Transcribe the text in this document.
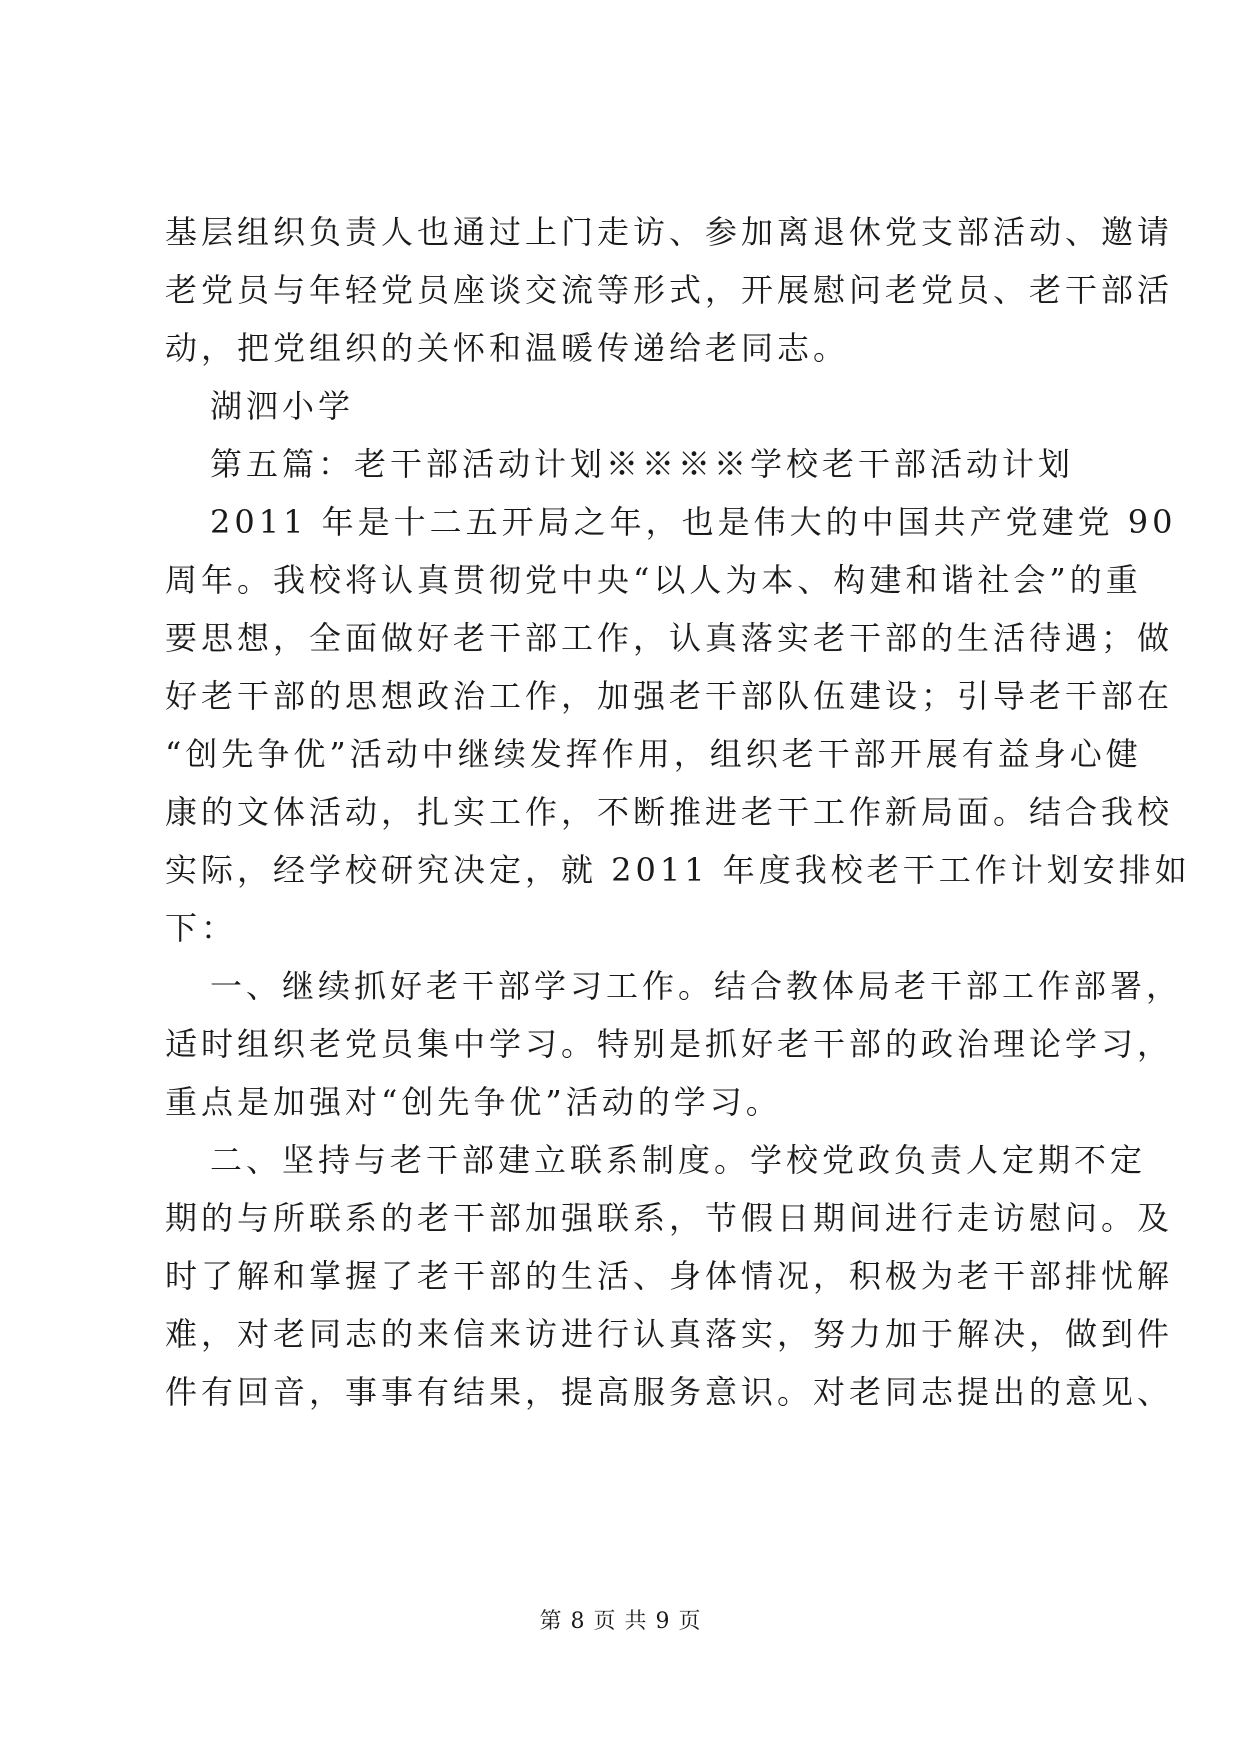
基层组织负责人也通过上门走访、参加离退休党支部活动、邀请
老党员与年轻党员座谈交流等形式，开展慰问老党员、老干部活
动，把党组织的关怀和温暖传递给老同志。
湖泗小学
第五篇：老干部活动计划※※※※学校老干部活动计划
2011 年是十二五开局之年，也是伟大的中国共产党建党 90
周年。我校将认真贯彻党中央“以人为本、构建和谐社会”的重
要思想，全面做好老干部工作，认真落实老干部的生活待遇；做
好老干部的思想政治工作，加强老干部队伍建设；引导老干部在
“创先争优”活动中继续发挥作用，组织老干部开展有益身心健
康的文体活动，扎实工作，不断推进老干工作新局面。结合我校
实际，经学校研究决定，就 2011 年度我校老干工作计划安排如
下：
一、继续抓好老干部学习工作。结合教体局老干部工作部署，
适时组织老党员集中学习。特别是抓好老干部的政治理论学习，
重点是加强对“创先争优”活动的学习。
二、坚持与老干部建立联系制度。学校党政负责人定期不定
期的与所联系的老干部加强联系，节假日期间进行走访慰问。及
时了解和掌握了老干部的生活、身体情况，积极为老干部排忧解
难，对老同志的来信来访进行认真落实，努力加于解决，做到件
件有回音，事事有结果，提高服务意识。对老同志提出的意见、
第 8 页 共 9 页
